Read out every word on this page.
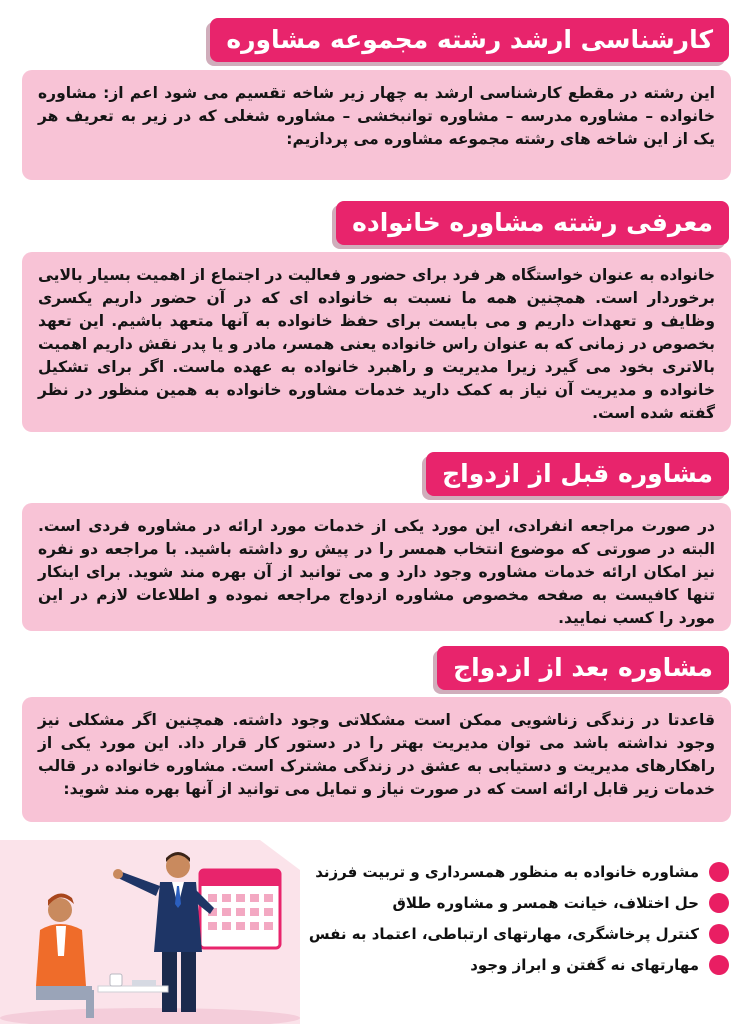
کارشناسی ارشد رشته مجموعه مشاوره
این رشته در مقطع کارشناسی ارشد به چهار زیر شاخه تقسیم می شود اعم از: مشاوره خانواده – مشاوره مدرسه – مشاوره توانبخشی – مشاوره شغلی که در زیر به تعریف هر یک از این شاخه های رشته مجموعه مشاوره می پردازیم:
معرفی رشته مشاوره خانواده
خانواده به عنوان خواستگاه هر فرد برای حضور و فعالیت در اجتماع از اهمیت بسیار بالایی برخوردار است. همچنین همه ما نسبت به خانواده ای که در آن حضور داریم یکسری وظایف و تعهدات داریم و می بایست برای حفظ خانواده به آنها متعهد باشیم. این تعهد بخصوص در زمانی که به عنوان راس خانواده یعنی همسر، مادر و یا پدر نقش داریم اهمیت بالاتری بخود می گیرد زیرا مدیریت و راهبرد خانواده به عهده ماست. اگر برای تشکیل خانواده و مدیریت آن نیاز به کمک دارید خدمات مشاوره خانواده به همین منظور در نظر گفته شده است.
مشاوره قبل از ازدواج
در صورت مراجعه انفرادی، این مورد یکی از خدمات مورد ارائه در مشاوره فردی است. البته در صورتی که موضوع انتخاب همسر را در پیش رو داشته باشید. با مراجعه دو نفره نیز امکان ارائه خدمات مشاوره وجود دارد و می توانید از آن بهره مند شوید. برای اینکار تنها کافیست به صفحه مخصوص مشاوره ازدواج مراجعه نموده و اطلاعات لازم در این مورد را کسب نمایید.
مشاوره بعد از ازدواج
قاعدتا در زندگی زناشویی ممکن است مشکلاتی وجود داشته. همچنین اگر مشکلی نیز وجود نداشته باشد می توان مدیریت بهتر را در دستور کار قرار داد. این مورد یکی از راهکارهای مدیریت و دستیابی به عشق در زندگی مشترک است. مشاوره خانواده در قالب خدمات زیر قابل ارائه است که در صورت نیاز و تمایل می توانید از آنها بهره مند شوید:
مشاوره خانواده به منظور همسرداری و تربیت فرزند
حل اختلاف، خیانت همسر و مشاوره طلاق
کنترل پرخاشگری، مهارتهای ارتباطی، اعتماد به نفس
مهارتهای نه گفتن و ابراز وجود
